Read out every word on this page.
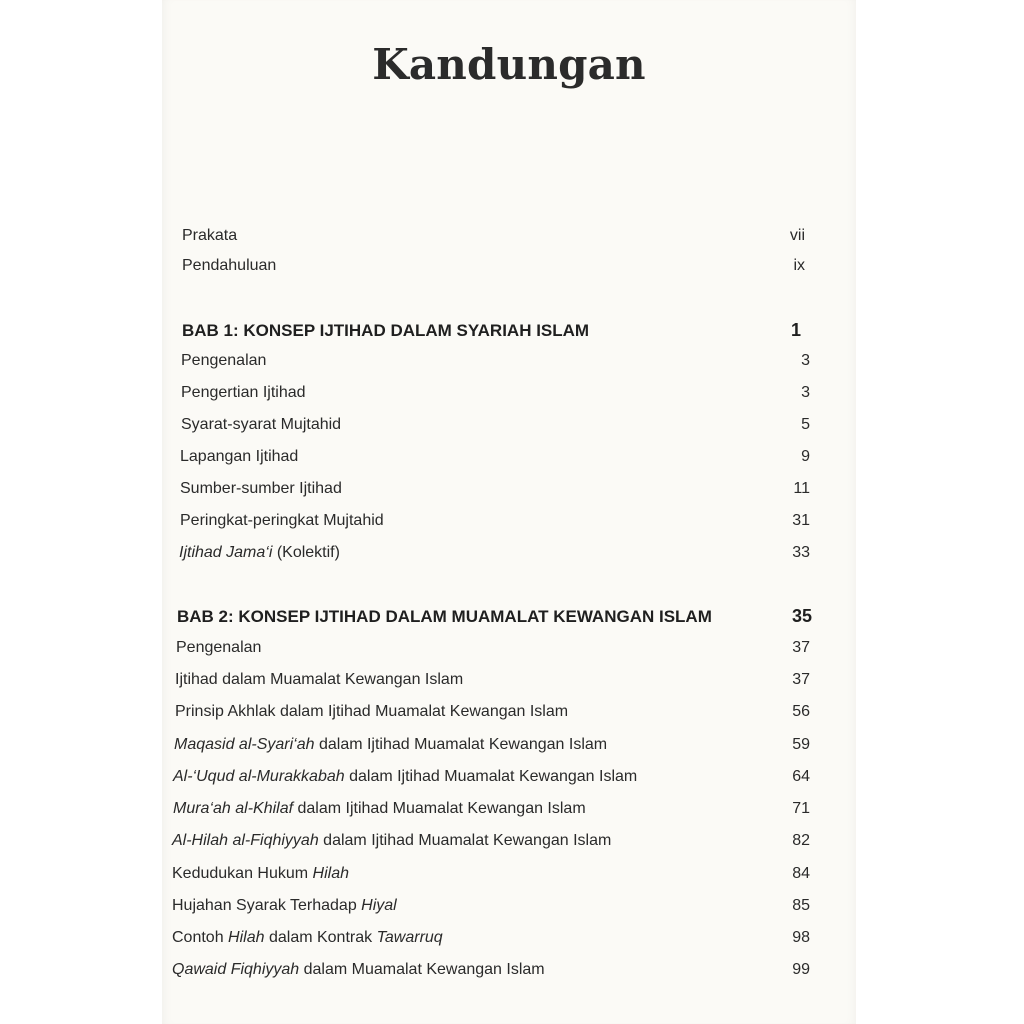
Kandungan
Prakata	vii
Pendahuluan	ix
BAB 1: KONSEP IJTIHAD DALAM SYARIAH ISLAM	1
Pengenalan	3
Pengertian Ijtihad	3
Syarat-syarat Mujtahid	5
Lapangan Ijtihad	9
Sumber-sumber Ijtihad	11
Peringkat-peringkat Mujtahid	31
Ijtihad Jama‘i (Kolektif)	33
BAB 2: KONSEP IJTIHAD DALAM MUAMALAT KEWANGAN ISLAM	35
Pengenalan	37
Ijtihad dalam Muamalat Kewangan Islam	37
Prinsip Akhlak dalam Ijtihad Muamalat Kewangan Islam	56
Maqasid al-Syari‘ah dalam Ijtihad Muamalat Kewangan Islam	59
Al-‘Uqud al-Murakkabah dalam Ijtihad Muamalat Kewangan Islam	64
Mura‘ah al-Khilaf dalam Ijtihad Muamalat Kewangan Islam	71
Al-Hilah al-Fiqhiyyah dalam Ijtihad Muamalat Kewangan Islam	82
Kedudukan Hukum Hilah	84
Hujahan Syarak Terhadap Hiyal	85
Contoh Hilah dalam Kontrak Tawarruq	98
Qawaid Fiqhiyyah dalam Muamalat Kewangan Islam	99
